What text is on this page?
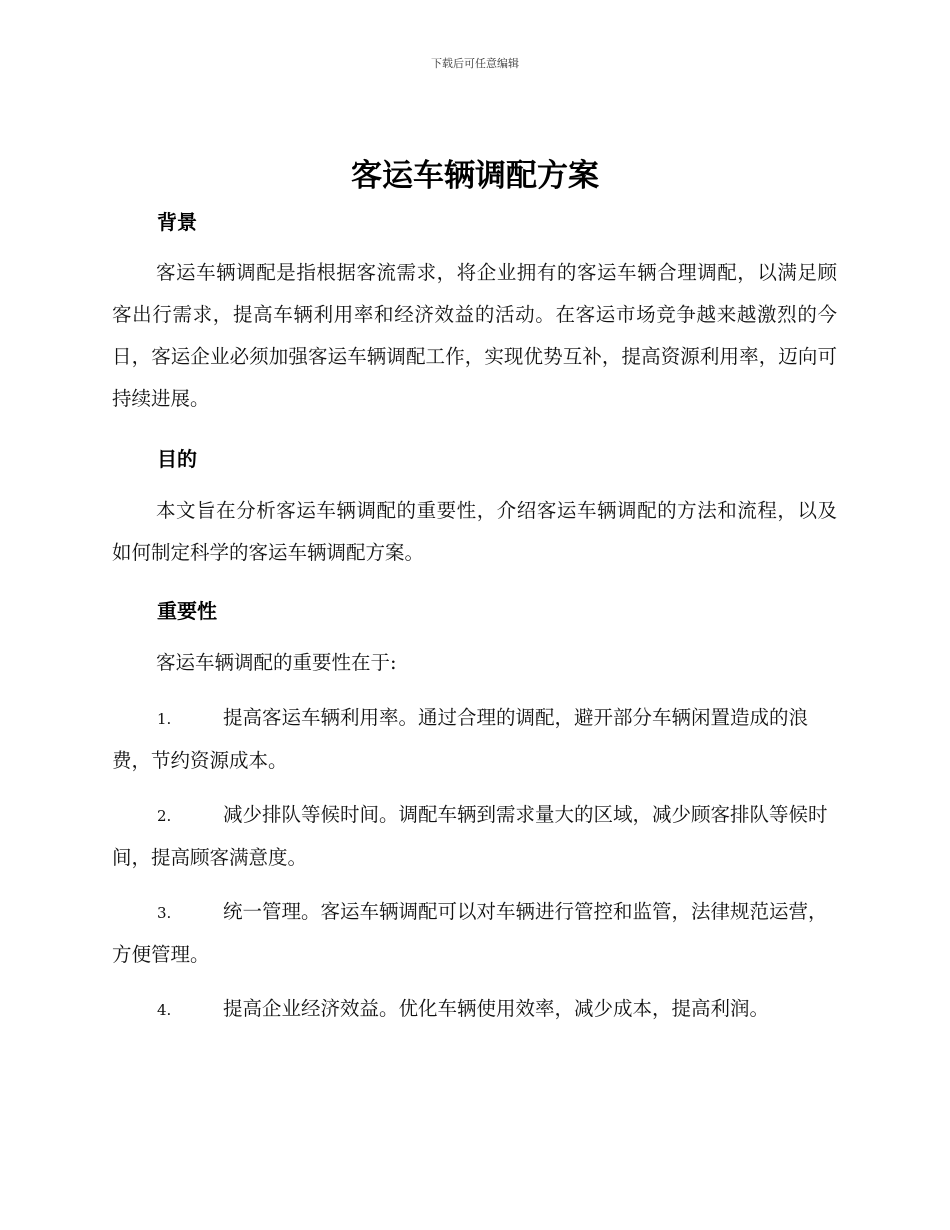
下载后可任意编辑
客运车辆调配方案
背景

客运车辆调配是指根据客流需求，将企业拥有的客运车辆合理调配，以满足顾客出行需求，提高车辆利用率和经济效益的活动。在客运市场竞争越来越激烈的今日，客运企业必须加强客运车辆调配工作，实现优势互补，提高资源利用率，迈向可持续进展。

目的

本文旨在分析客运车辆调配的重要性，介绍客运车辆调配的方法和流程，以及如何制定科学的客运车辆调配方案。

重要性

客运车辆调配的重要性在于:

1.	提高客运车辆利用率。通过合理的调配，避开部分车辆闲置造成的浪费，节约资源成本。

2.	减少排队等候时间。调配车辆到需求量大的区域，减少顾客排队等候时间，提高顾客满意度。

3.	统一管理。客运车辆调配可以对车辆进行管控和监管，法律规范运营，方便管理。

4.	提高企业经济效益。优化车辆使用效率，减少成本，提高利润。
